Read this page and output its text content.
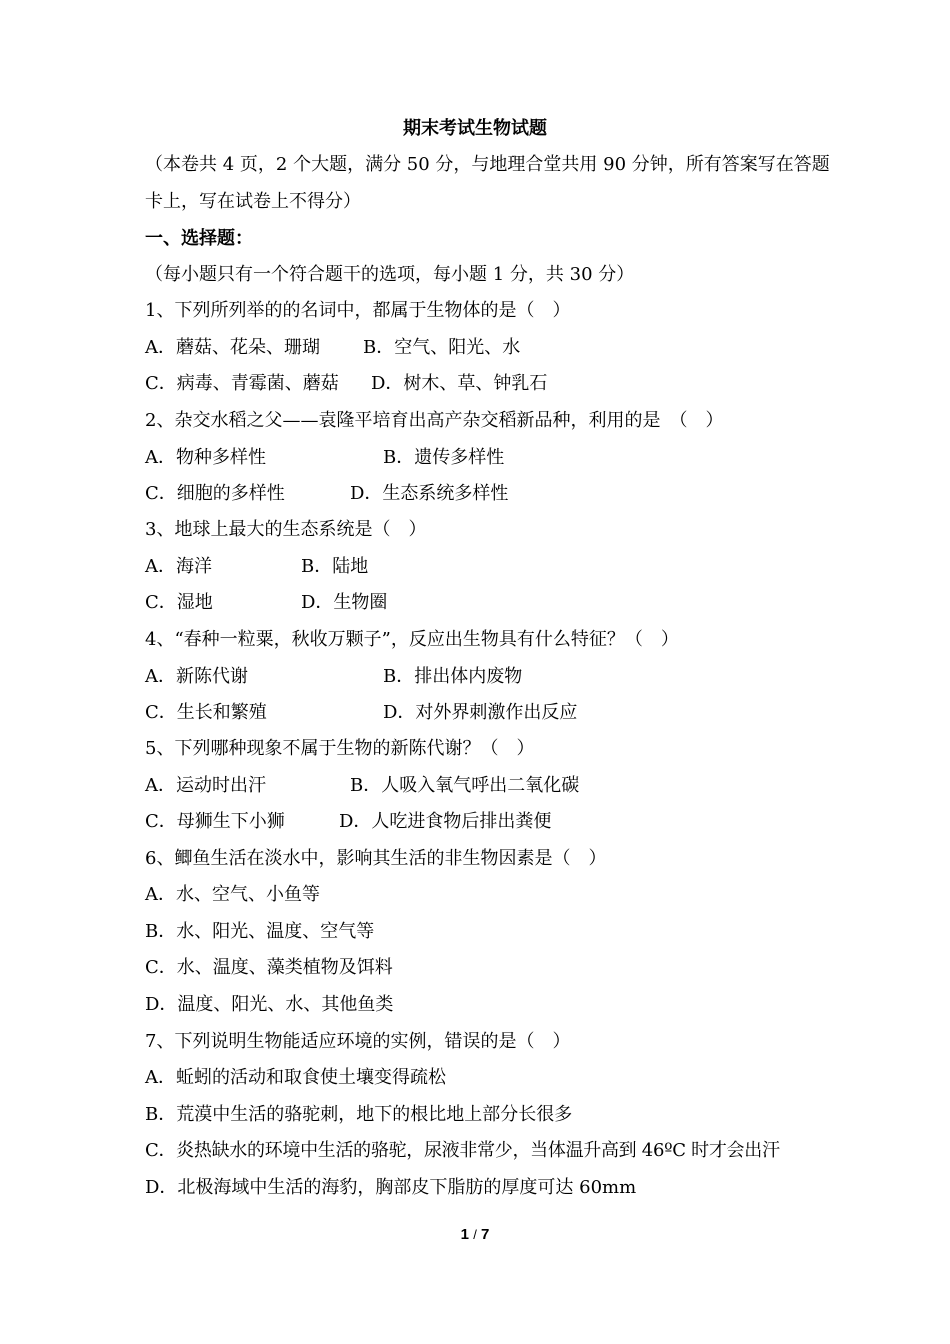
期末考试生物试题
（本卷共 4 页，2 个大题，满分 50 分，与地理合堂共用 90 分钟，所有答案写在答题
卡上，写在试卷上不得分）
一、选择题：
（每小题只有一个符合题干的选项，每小题 1 分，共 30 分）
1、下列所列举的的名词中，都属于生物体的是（　）
A．蘑菇、花朵、珊瑚 B．空气、阳光、水
C．病毒、青霉菌、蘑菇 D．树木、草、钟乳石
2、杂交水稻之父——袁隆平培育出高产杂交稻新品种，利用的是　（　）
A．物种多样性	B．遗传多样性
C．细胞的多样性	D．生态系统多样性
3、地球上最大的生态系统是（　）
A．海洋	B．陆地
C．湿地	D．生物圈
4、“春种一粒粟，秋收万颗子”，反应出生物具有什么特征？（　）
A．新陈代谢	B．排出体内废物
C．生长和繁殖	D．对外界刺激作出反应
5、下列哪种现象不属于生物的新陈代谢？（　）
A．运动时出汗	B．人吸入氧气呼出二氧化碳
C．母狮生下小狮	D．人吃进食物后排出粪便
6、鲫鱼生活在淡水中，影响其生活的非生物因素是（　）
A．水、空气、小鱼等
B．水、阳光、温度、空气等
C．水、温度、藻类植物及饵料
D．温度、阳光、水、其他鱼类
7、下列说明生物能适应环境的实例，错误的是（　）
A．蚯蚓的活动和取食使土壤变得疏松
B．荒漠中生活的骆驼刺，地下的根比地上部分长很多
C．炎热缺水的环境中生活的骆驼，尿液非常少，当体温升高到 46ºC 时才会出汗
D．北极海域中生活的海豹，胸部皮下脂肪的厚度可达 60mm
1 / 7
